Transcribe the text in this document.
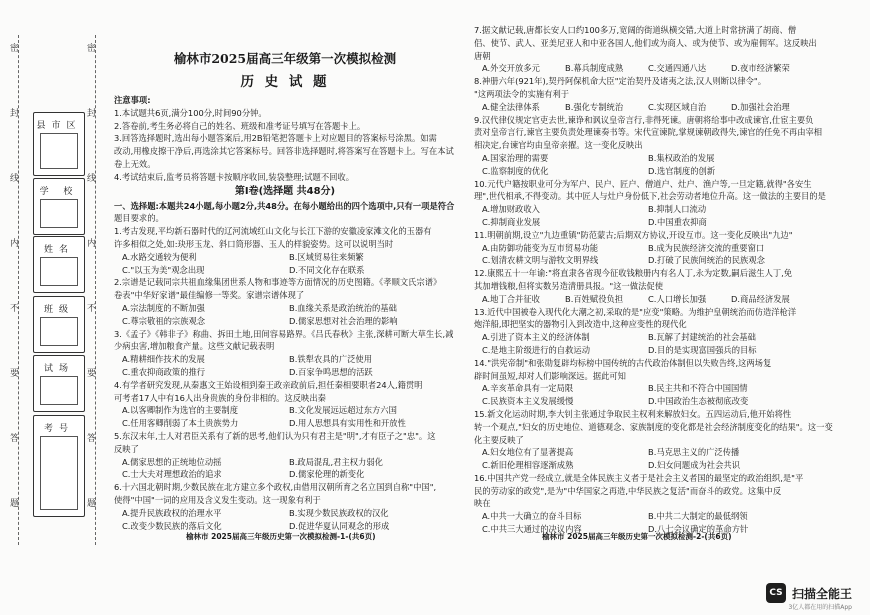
密	密
封	封
线	线
内	内
不	不
要	要
答	答
题	题
县市区
学 校
姓名
班级
试场
考号
榆林市2025届高三年级第一次模拟检测
历 史 试 题
注意事项:
1.本试题共6页,满分100分,时间90分钟。
2.答卷前,考生务必将自己的姓名、班级和准考证号填写在答题卡上。
3.回答选择题时,选出每小题答案后,用2B铅笔把答题卡上对应题目的答案标号涂黑。如需
改动,用橡皮擦干净后,再选涂其它答案标号。回答非选择题时,将答案写在答题卡上。写在本试
卷上无效。
4.考试结束后,监考员将答题卡按顺序收回,装袋整理;试题不回收。
第Ⅰ卷(选择题 共48分)
一、选择题:本题共24小题,每小题2分,共48分。在每小题给出的四个选项中,只有一项是符合
题目要求的。
1.考古发现,平均新石器时代的辽河流域红山文化与长江下游的安徽凌家滩文化的玉器有
许多相似之处,如:玦形玉龙、斜口筒形器、玉人的样貌姿势。这可以说明当时
A.水路交通较为便利	B.区域贸易往来频繁
C."以玉为美"观念出现	D.不同文化存在联系
2.宗谱是记载同宗共祖血缘集团世系人物和事迹等方面情况的历史图籍。《孝顺文氏宗谱》
卷表"中华好家谱"最佳编修一等奖。家谱宗谱体现了
A.宗法制度的不断加强	B.血缘关系是政治统治的基础
C.尊宗敬祖的宗族观念	D.儒家思想对社会治理的影响
3.《孟子》《韩非子》称曲、拆田土地,田间容易路界。《吕氏春秋》主张,深耕可断大草生长,减
少病虫害,增加粮食产量。这些文献记载表明
A.精耕细作技术的发展	B.铁犁农具的广泛使用
C.重农抑商政策的推行	D.百家争鸣思想的活跃
4.有学者研究发现,从秦惠文王始设相到秦王政亲政前后,担任秦相要职者24人,籍贯明
可考者17人中有16人出身贵族的身份非相的。这反映出秦
A.以客卿制作为选官的主要制度	B.文化发展远远超过东方六国
C.任用客卿削弱了本土贵族势力	D.用人思想具有实用性和开放性
5.东汉末年,士人对君臣关系有了新的思考,他们认为只有君主是"明",才有臣子之"忠"。这
反映了
A.儒家思想的正统地位动摇	B.政局混乱,君主权力弱化
C.士大夫对理想政治的追求	D.儒家伦理的新变化
6.十六国北朝时期,少数民族在北方建立多个政权,由借用汉朝所育之名立国到自称"中国",
使得"中国"一词的应用及含义发生变动。这一现象有利于
A.提升民族政权的治理水平	B.实现少数民族政权的汉化
C.改变少数民族的落后文化	D.促进华夏认同观念的形成
7.据文献记载,唐都长安人口约100多万,宽阔的街道纵横交错,大道上时常挤满了胡商、僧
侣、使节、武人、亚美尼亚人和中亚各国人,他们或为商人、或为使节、或为雇佣军。这反映出
唐朝
A.外交开放多元	B.幕兵制度成熟	C.交通四通八达	D.夜市经济繁荣
8.神册六年(921年),契丹阿保机命大臣"定治契丹及诸夷之法,汉人则断以律令"。
"这两项法令的实施有利于
A.健全法律体系	B.强化专制统治	C.实现区域自治	D.加强社会治理
9.汉代律仪规定官吏去世,谏诤和讽议皇帝言行,非得死谏。唐朝将给事中改成谏官,仕宦主要负
责对皇帝言行,谏官主要负责处理谏奏书等。宋代宣谏院,掌规谏朝政得失,谏官的任免不再由宰相
相决定,台谏官均由皇帝亲擢。这一变化反映出
A.国家治理的需要	B.集权政治的发展
C.监察制度的优化	D.选官制度的创新
10.元代户籍按职业可分为军户、民户、匠户、僧道户、灶户、渔户等,一旦定籍,就得"各安生
理",世代相承,不得变动。其中匠人与灶户身份低下,社会劳动者地位升高。这一做法的主要目的是
A.增加财政收入	B.抑制人口流动
C.抑制商业发展	D.中国重农抑商
11.明朝前期,设立"九边重镇"防范蒙古;后期双方协议,开设互市。这一变化反映出"九边"
A.由防御功能变为互市贸易功能	B.成为民族经济交流的重要窗口
C.划清农耕文明与游牧文明界线	D.打破了民族间统治的民族观念
12.康熙五十一年谕:"将直隶各省现今征收钱粮册内有名人丁,永为定数,嗣后滋生人丁,免
其加增钱粮,但将实数另造清册具报。"这一做法促使
A.地丁合并征收	B.百姓赋役负担	C.人口增长加强	D.商品经济发展
13.近代中国被卷入现代化大潮之初,采取的是"应变"策略。为维护皇朝统治而仿造洋枪洋
炮洋船,即把坚实的器物引入到改造中,这种应变性的现代化
A.引进了资本主义的经济体制	B.瓦解了封建统治的社会基础
C.是地主阶级进行的自救运动	D.目的是实现富国强兵的目标
14."洪宪帝制"和张勋复辟均标榜中国传统的古代政治体制但以失败告终,这两场复
辟时间虽短,却对人们影响深远。据此可知
A.辛亥革命具有一定局限	B.民主共和不符合中国国情
C.民族资本主义发展缓慢	D.中国政治生态被彻底改变
15.新文化运动时期,李大钊主张通过争取民主权利来解放妇女。五四运动后,他开始将性
转一个观点,"妇女的历史地位、道德观念、家族制度的变化都是社会经济制度变化的结果"。这一变
化主要反映了
A.妇女地位有了显著提高	B.马克思主义的广泛传播
C.新旧伦理相容逐渐成熟	D.妇女问题成为社会共识
16.中国共产党一经成立,就是全体民族主义者于是社会主义者国的最坚定的政治组织,是"平
民的劳动家的政党",是为"中华国家之再造,中华民族之复活"而奋斗的政党。这集中反
映在
A.中共一大确立的奋斗目标	B.中共二大制定的最低纲领
C.中共三大通过的决议内容	D.八七会议确定的革命方针
榆林市 2025届高三年级历史第一次模拟检测-1-(共6页)	榆林市 2025届高三年级历史第一次模拟检测-2-(共6页)
CS 扫描全能王
3亿人都在用的扫描App
